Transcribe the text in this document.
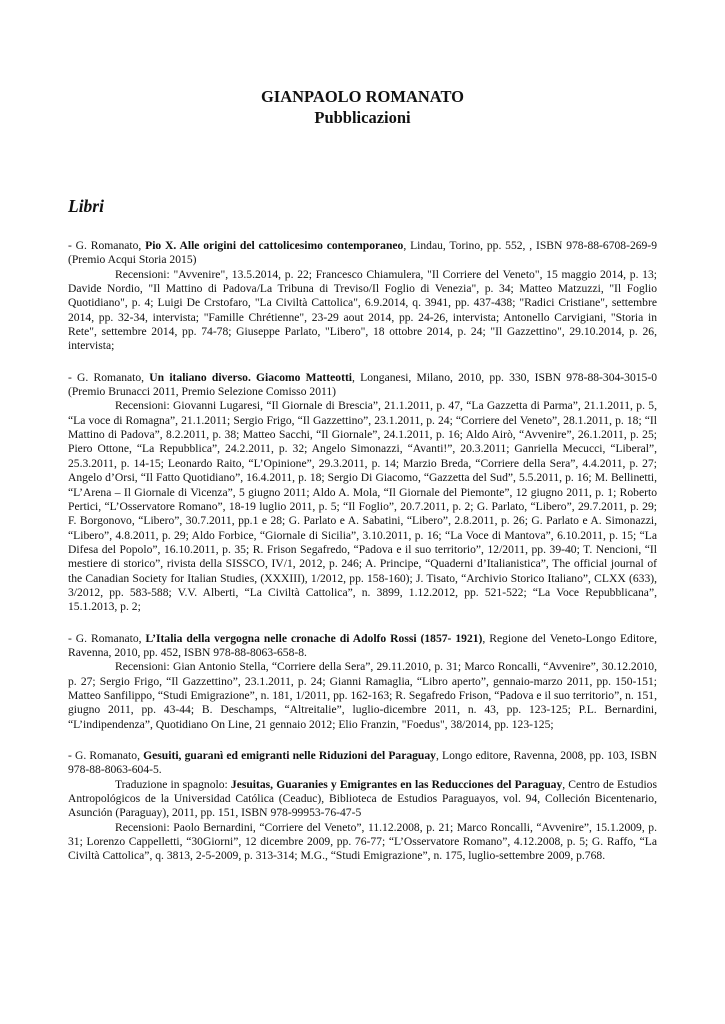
GIANPAOLO ROMANATO
Pubblicazioni
Libri

- G. Romanato, Pio X. Alle origini del cattolicesimo contemporaneo, Lindau, Torino, pp. 552, , ISBN 978-88-6708-269-9 (Premio Acqui Storia 2015)

Recensioni: "Avvenire", 13.5.2014, p. 22; Francesco Chiamulera, "Il Corriere del Veneto", 15 maggio 2014, p. 13; Davide Nordio, "Il Mattino di Padova/La Tribuna di Treviso/Il Foglio di Venezia", p. 34; Matteo Matzuzzi, "Il Foglio Quotidiano", p. 4; Luigi De Crstofaro, "La Civiltà Cattolica", 6.9.2014, q. 3941, pp. 437-438; "Radici Cristiane", settembre 2014, pp. 32-34, intervista; "Famille Chrétienne", 23-29 aout 2014, pp. 24-26, intervista; Antonello Carvigiani, "Storia in Rete", settembre 2014, pp. 74-78; Giuseppe Parlato, "Libero", 18 ottobre 2014, p. 24; "Il Gazzettino", 29.10.2014, p. 26, intervista;

- G. Romanato, Un italiano diverso. Giacomo Matteotti, Longanesi, Milano, 2010, pp. 330, ISBN 978-88-304-3015-0 (Premio Brunacci 2011, Premio Selezione Comisso 2011)

Recensioni: Giovanni Lugaresi, “Il Giornale di Brescia”, 21.1.2011, p. 47, “La Gazzetta di Parma”, 21.1.2011, p. 5, “La voce di Romagna”, 21.1.2011; Sergio Frigo, “Il Gazzettino”, 23.1.2011, p. 24; “Corriere del Veneto”, 28.1.2011, p. 18; “Il Mattino di Padova”, 8.2.2011, p. 38; Matteo Sacchi, “Il Giornale”, 24.1.2011, p. 16; Aldo Airò, “Avvenire”, 26.1.2011, p. 25; Piero Ottone, “La Repubblica”, 24.2.2011, p. 32; Angelo Simonazzi, “Avanti!”, 20.3.2011; Ganriella Mecucci, “Liberal”, 25.3.2011, p. 14-15; Leonardo Raito, “L’Opinione”, 29.3.2011, p. 14; Marzio Breda, “Corriere della Sera”, 4.4.2011, p. 27; Angelo d’Orsi, “Il Fatto Quotidiano”, 16.4.2011, p. 18; Sergio Di Giacomo, “Gazzetta del Sud”, 5.5.2011, p. 16; M. Bellinetti, “L’Arena – Il Giornale di Vicenza”, 5 giugno 2011; Aldo A. Mola, “Il Giornale del Piemonte”, 12 giugno 2011, p. 1; Roberto Pertici, “L’Osservatore Romano”, 18-19 luglio 2011, p. 5; “Il Foglio”, 20.7.2011, p. 2; G. Parlato, “Libero”, 29.7.2011, p. 29; F. Borgonovo, “Libero”, 30.7.2011, pp.1 e 28; G. Parlato e A. Sabatini, “Libero”, 2.8.2011, p. 26; G. Parlato e A. Simonazzi, “Libero”, 4.8.2011, p. 29; Aldo Forbice, “Giornale di Sicilia”, 3.10.2011, p. 16; “La Voce di Mantova”, 6.10.2011, p. 15; “La Difesa del Popolo”, 16.10.2011, p. 35; R. Frison Segafredo, “Padova e il suo territorio”, 12/2011, pp. 39-40; T. Nencioni, “Il mestiere di storico”, rivista della SISSCO, IV/1, 2012, p. 246; A. Principe, “Quaderni d’Italianistica”, The official journal of the Canadian Society for Italian Studies, (XXXIII), 1/2012, pp. 158-160); J. Tisato, “Archivio Storico Italiano”, CLXX (633), 3/2012, pp. 583-588; V.V. Alberti, “La Civiltà Cattolica”, n. 3899, 1.12.2012, pp. 521-522; “La Voce Repubblicana”, 15.1.2013, p. 2;

- G. Romanato, L’Italia della vergogna nelle cronache di Adolfo Rossi (1857- 1921), Regione del Veneto-Longo Editore, Ravenna, 2010, pp. 452, ISBN 978-88-8063-658-8.

Recensioni: Gian Antonio Stella, “Corriere della Sera”, 29.11.2010, p. 31; Marco Roncalli, “Avvenire”, 30.12.2010, p. 27; Sergio Frigo, “Il Gazzettino”, 23.1.2011, p. 24; Gianni Ramaglia, “Libro aperto”, gennaio-marzo 2011, pp. 150-151; Matteo Sanfilippo, “Studi Emigrazione”, n. 181, 1/2011, pp. 162-163; R. Segafredo Frison, “Padova e il suo territorio”, n. 151, giugno 2011, pp. 43-44; B. Deschamps, “Altreitalie”, luglio-dicembre 2011, n. 43, pp. 123-125; P.L. Bernardini, “L’indipendenza”, Quotidiano On Line, 21 gennaio 2012; Elio Franzin, "Foedus", 38/2014, pp. 123-125;

- G. Romanato, Gesuiti, guaranì ed emigranti nelle Riduzioni del Paraguay, Longo editore, Ravenna, 2008, pp. 103, ISBN 978-88-8063-604-5.

Traduzione in spagnolo: Jesuitas, Guaranies y Emigrantes en las Reducciones del Paraguay, Centro de Estudios Antropológicos de la Universidad Católica (Ceaduc), Biblioteca de Estudios Paraguayos, vol. 94, Colleción Bicentenario, Asunción (Paraguay), 2011, pp. 151, ISBN 978-99953-76-47-5

Recensioni: Paolo Bernardini, “Corriere del Veneto”, 11.12.2008, p. 21; Marco Roncalli, “Avvenire”, 15.1.2009, p. 31; Lorenzo Cappelletti, “30Giorni”, 12 dicembre 2009, pp. 76-77; “L’Osservatore Romano”, 4.12.2008, p. 5; G. Raffo, “La Civiltà Cattolica”, q. 3813, 2-5-2009, p. 313-314; M.G., “Studi Emigrazione”, n. 175, luglio-settembre 2009, p.768.
